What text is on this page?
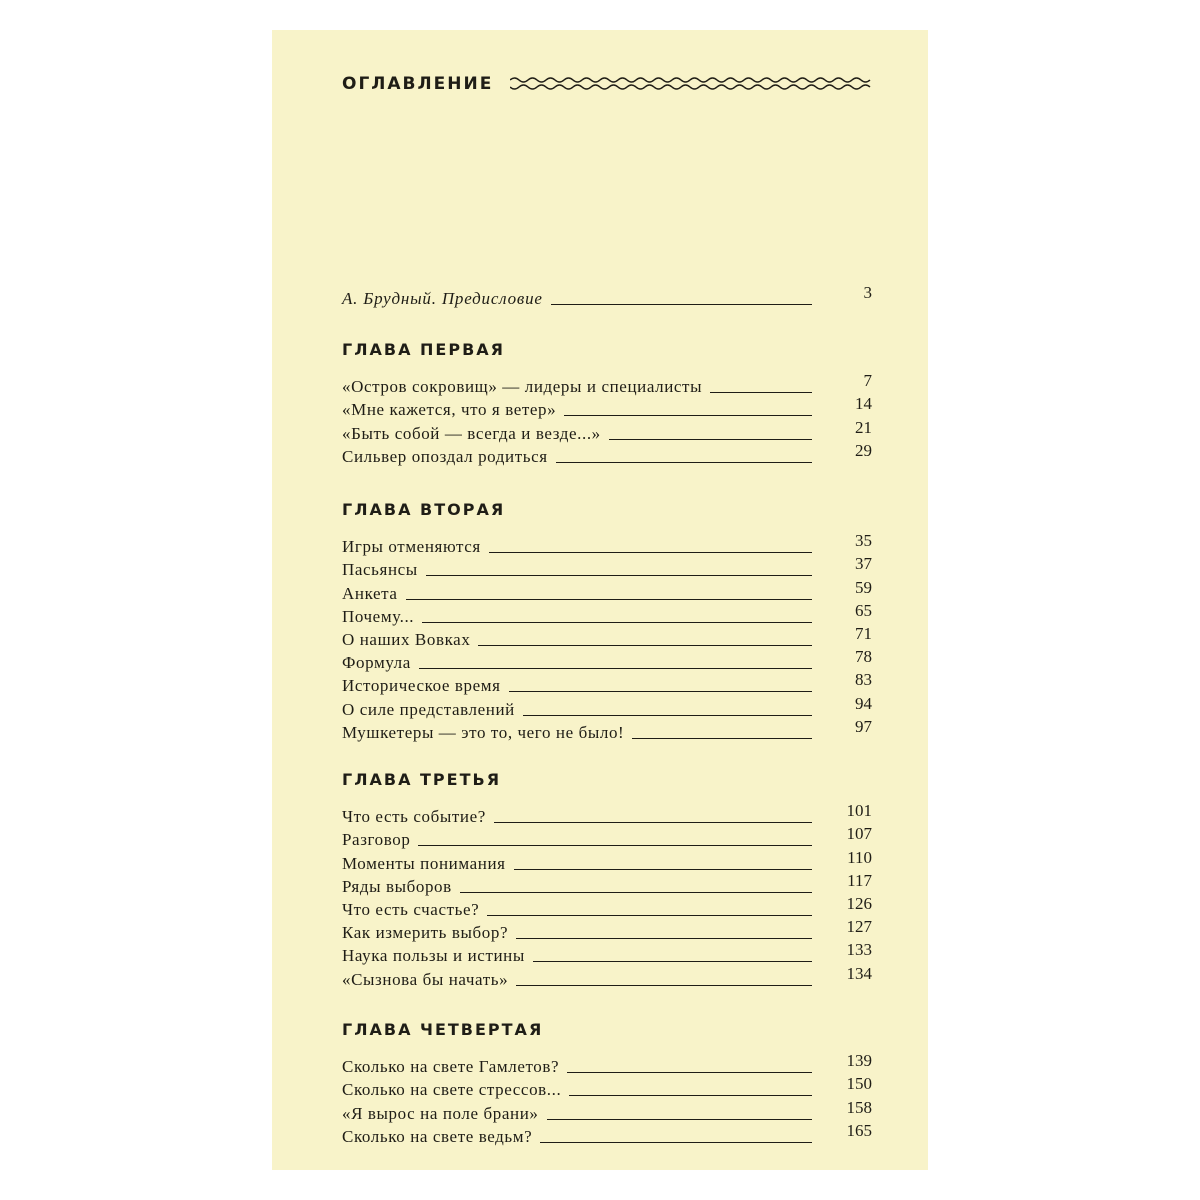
ОГЛАВЛЕНИЕ
А. Брудный. Предисловие	3
ГЛАВА ПЕРВАЯ
«Остров сокровищ» — лидеры и специалисты	7
«Мне кажется, что я ветер»	14
«Быть собой — всегда и везде...»	21
Сильвер опоздал родиться	29
ГЛАВА ВТОРАЯ
Игры отменяются	35
Пасьянсы	37
Анкета	59
Почему...	65
О наших Вовках	71
Формула	78
Историческое время	83
О силе представлений	94
Мушкетеры — это то, чего не было!	97
ГЛАВА ТРЕТЬЯ
Что есть событие?	101
Разговор	107
Моменты понимания	110
Ряды выборов	117
Что есть счастье?	126
Как измерить выбор?	127
Наука пользы и истины	133
«Сызнова бы начать»	134
ГЛАВА ЧЕТВЕРТАЯ
Сколько на свете Гамлетов?	139
Сколько на свете стрессов...	150
«Я вырос на поле брани»	158
Сколько на свете ведьм?	165
